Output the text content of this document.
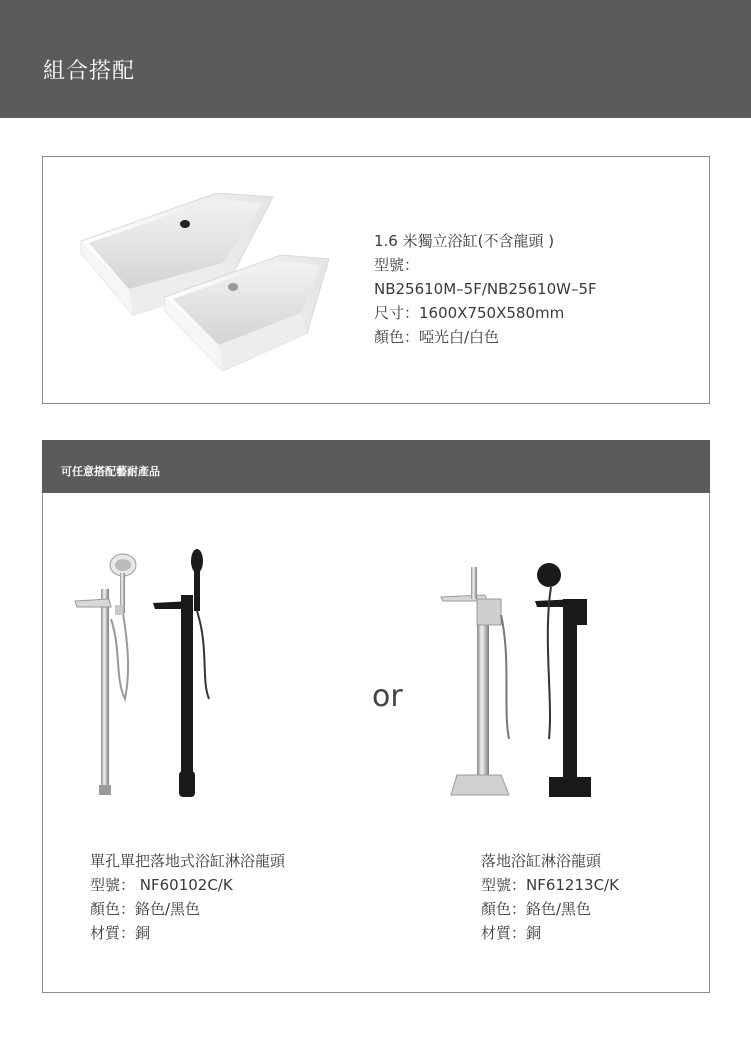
組合搭配
1.6 米獨立浴缸(不含龍頭 )
型號：
NB25610M–5F/NB25610W–5F
尺寸：1600X750X580mm
顏色：啞光白/白色
可任意搭配藝耐產品
or
單孔單把落地式浴缸淋浴龍頭
型號： NF60102C/K
顏色：鉻色/黑色
材質：銅
落地浴缸淋浴龍頭
型號：NF61213C/K
顏色：鉻色/黑色
材質：銅
